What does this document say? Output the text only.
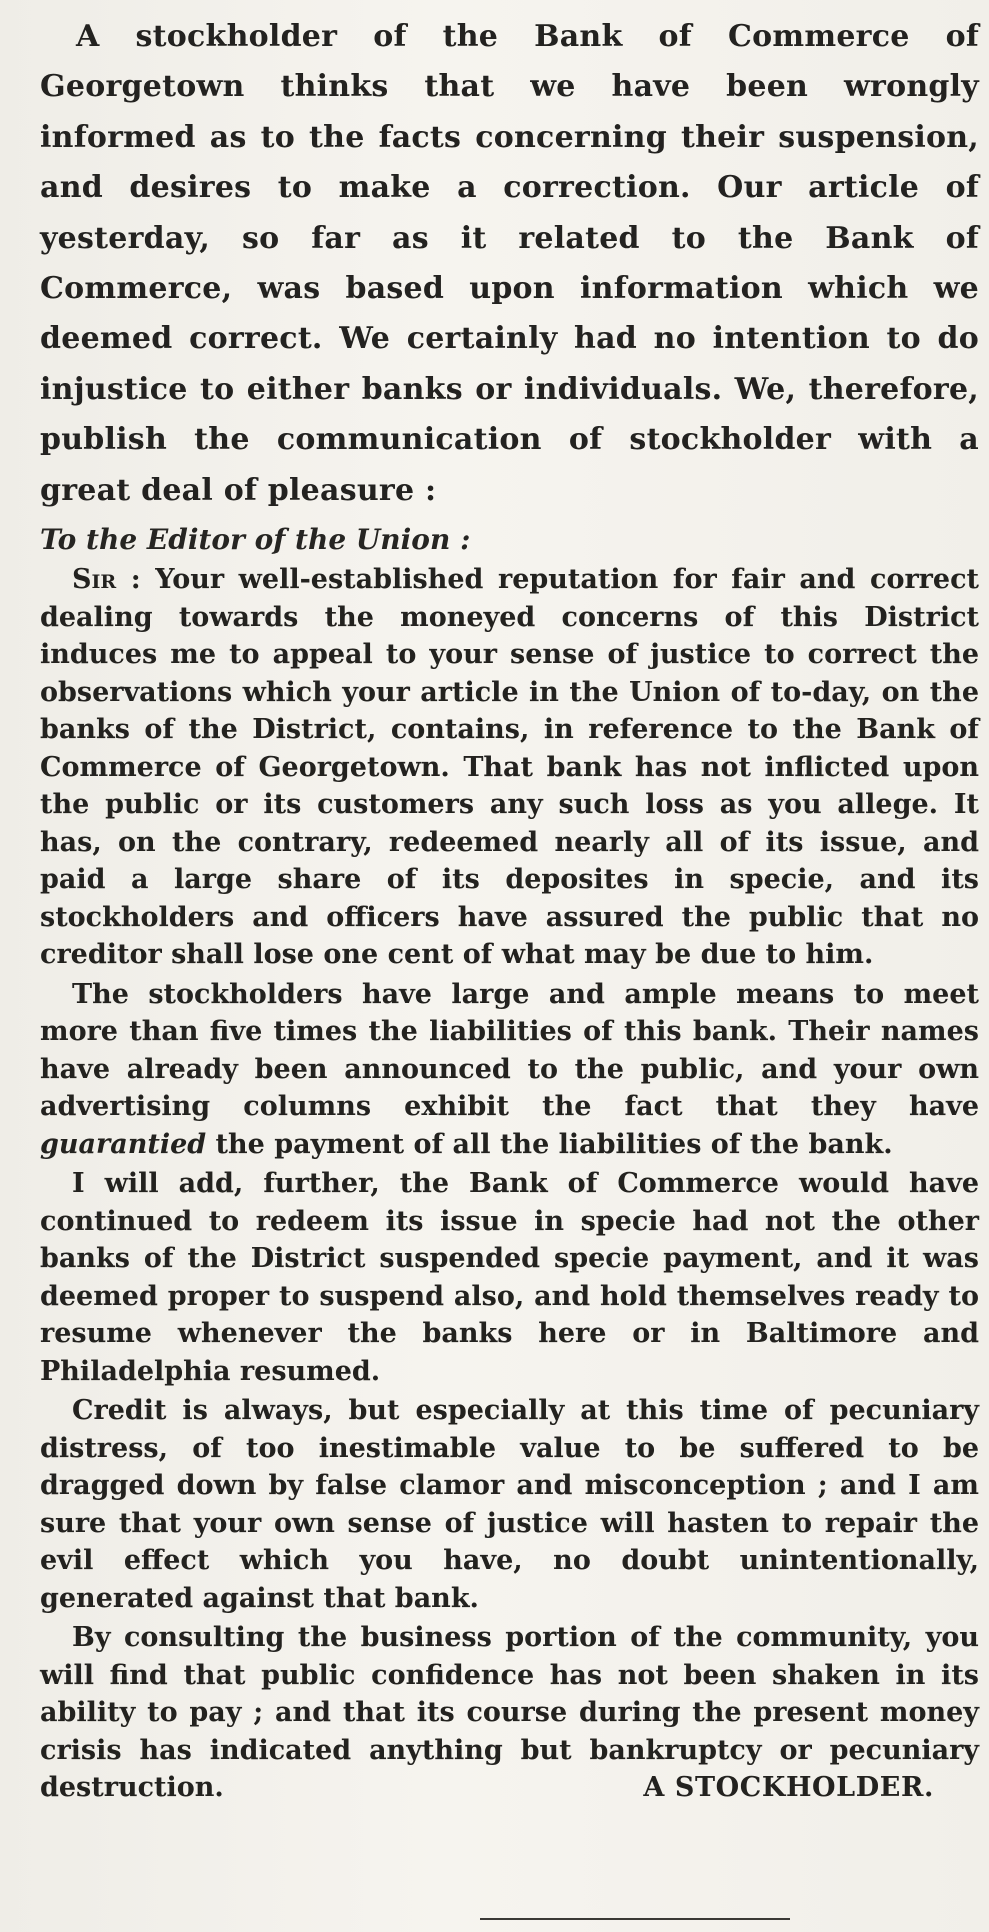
A stockholder of the Bank of Commerce of Georgetown thinks that we have been wrongly informed as to the facts concerning their suspension, and desires to make a correction. Our article of yesterday, so far as it related to the Bank of Commerce, was based upon information which we deemed correct. We certainly had no intention to do injustice to either banks or individuals. We, therefore, publish the communication of stockholder with a great deal of pleasure :

To the Editor of the Union :

Sir : Your well-established reputation for fair and correct dealing towards the moneyed concerns of this District induces me to appeal to your sense of justice to correct the observations which your article in the Union of to-day, on the banks of the District, contains, in reference to the Bank of Commerce of Georgetown. That bank has not inflicted upon the public or its customers any such loss as you allege. It has, on the contrary, redeemed nearly all of its issue, and paid a large share of its deposites in specie, and its stockholders and officers have assured the public that no creditor shall lose one cent of what may be due to him.

The stockholders have large and ample means to meet more than five times the liabilities of this bank. Their names have already been announced to the public, and your own advertising columns exhibit the fact that they have guarantied the payment of all the liabilities of the bank.

I will add, further, the Bank of Commerce would have continued to redeem its issue in specie had not the other banks of the District suspended specie payment, and it was deemed proper to suspend also, and hold themselves ready to resume whenever the banks here or in Baltimore and Philadelphia resumed.

Credit is always, but especially at this time of pecuniary distress, of too inestimable value to be suffered to be dragged down by false clamor and misconception ; and I am sure that your own sense of justice will hasten to repair the evil effect which you have, no doubt unintentionally, generated against that bank.

By consulting the business portion of the community, you will find that public confidence has not been shaken in its ability to pay ; and that its course during the present money crisis has indicated anything but bankruptcy or pecuniary destruction.	A STOCKHOLDER.
